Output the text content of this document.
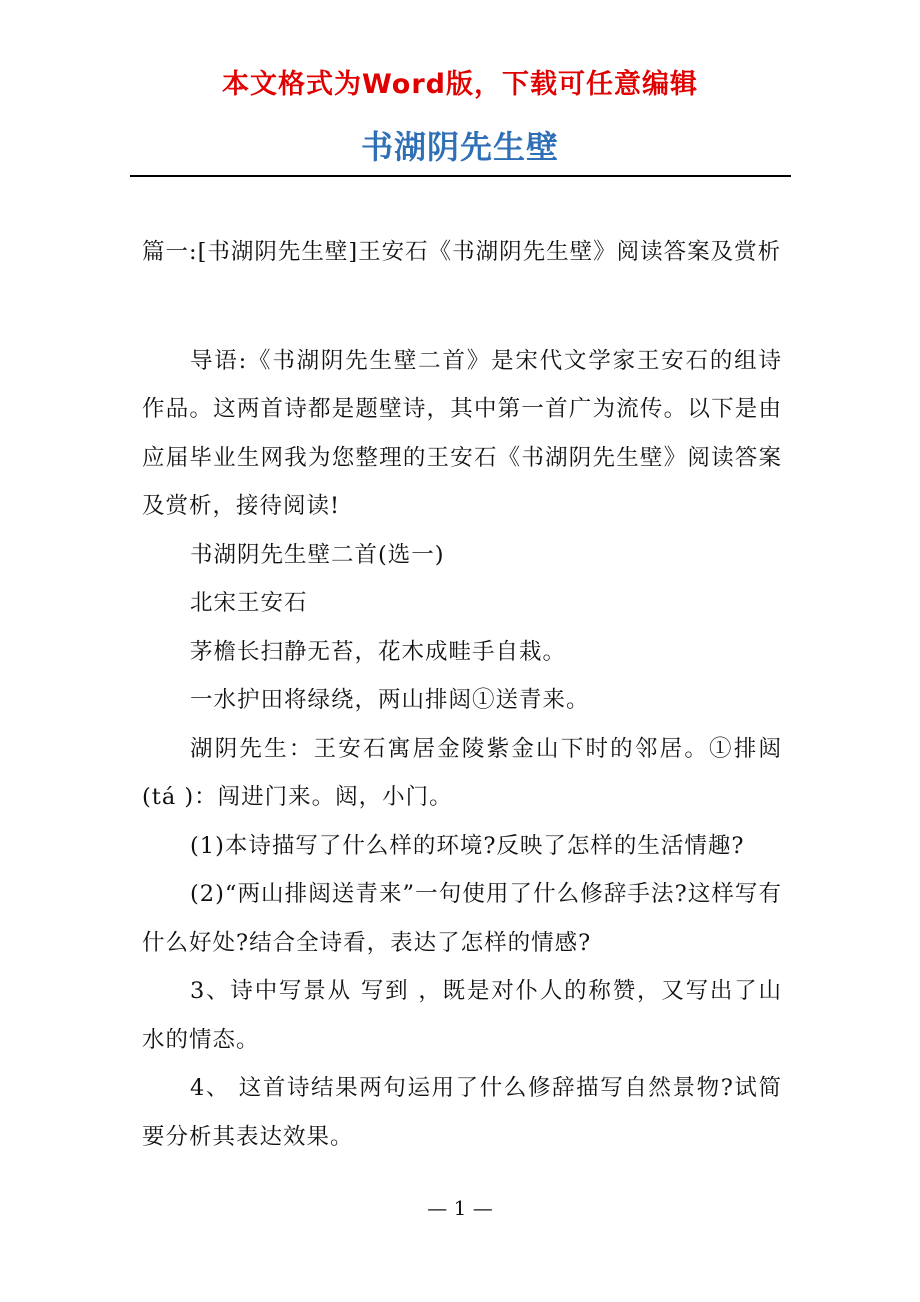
本文格式为Word版，下载可任意编辑
书湖阴先生壁

篇一:[书湖阴先生壁]王安石《书湖阴先生壁》阅读答案及赏析

导语:《书湖阴先生壁二首》是宋代文学家王安石的组诗作品。这两首诗都是题壁诗，其中第一首广为流传。以下是由应届毕业生网我为您整理的王安石《书湖阴先生壁》阅读答案及赏析，接待阅读!

书湖阴先生壁二首(选一)

北宋王安石

茅檐长扫静无苔，花木成畦手自栽。

一水护田将绿绕，两山排闼①送青来。

湖阴先生：王安石寓居金陵紫金山下时的邻居。①排闼(tá )：闯进门来。闼，小门。

(1)本诗描写了什么样的环境?反映了怎样的生活情趣?

(2)“两山排闼送青来”一句使用了什么修辞手法?这样写有什么好处?结合全诗看，表达了怎样的情感?

3、诗中写景从 写到 ，既是对仆人的称赞，又写出了山水的情态。

4、 这首诗结果两句运用了什么修辞描写自然景物?试简要分析其表达效果。

— 1 —
